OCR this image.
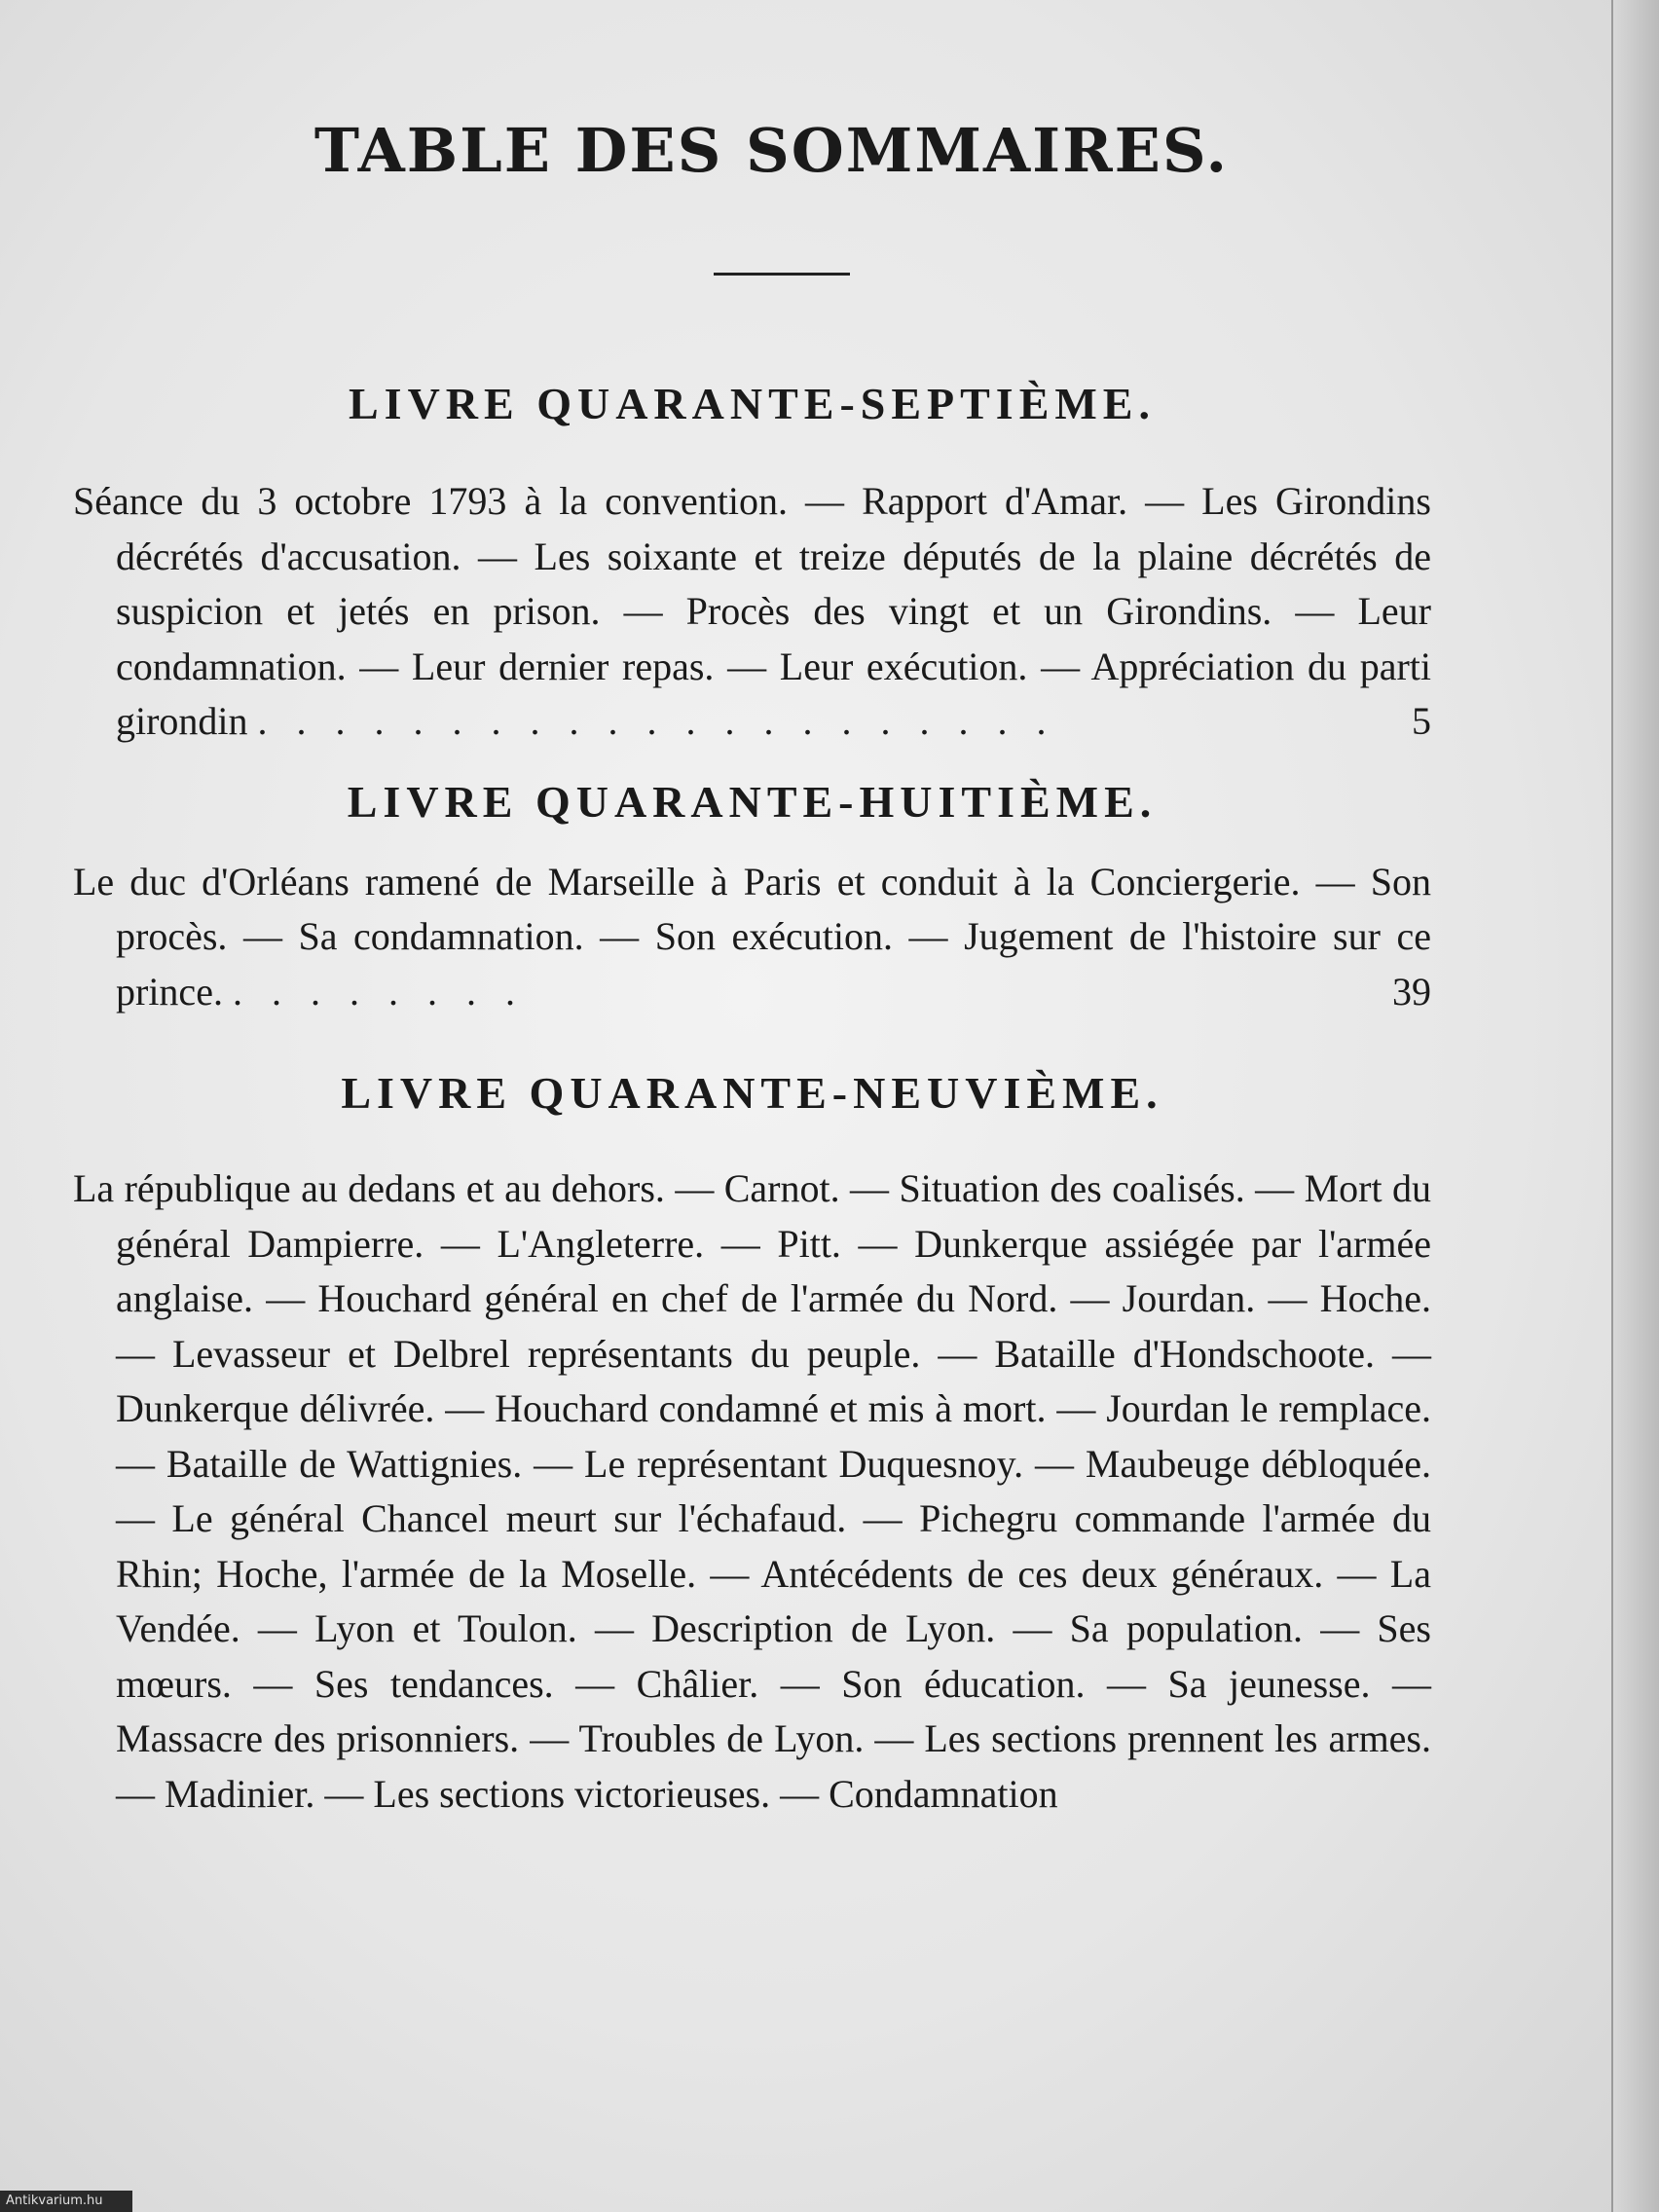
TABLE DES SOMMAIRES.
LIVRE QUARANTE-SEPTIÈME.

Séance du 3 octobre 1793 à la convention. — Rapport d'Amar. — Les Girondins décrétés d'accusation. — Les soixante et treize députés de la plaine décrétés de suspicion et jetés en prison. — Procès des vingt et un Girondins. — Leur condamnation. — Leur dernier repas. — Leur exécution. — Appréciation du parti girondin . . . . . . . . . . . . . . . . . . . . .	5

LIVRE QUARANTE-HUITIÈME.

Le duc d'Orléans ramené de Marseille à Paris et conduit à la Conciergerie. — Son procès. — Sa condamnation. — Son exécution. — Jugement de l'histoire sur ce prince. . . . . . . . .	39

LIVRE QUARANTE-NEUVIÈME.

La république au dedans et au dehors. — Carnot. — Situation des coalisés. — Mort du général Dampierre. — L'Angleterre. — Pitt. — Dunkerque assiégée par l'armée anglaise. — Houchard général en chef de l'armée du Nord. — Jourdan. — Hoche. — Levasseur et Delbrel représentants du peuple. — Bataille d'Hondschoote. — Dunkerque délivrée. — Houchard condamné et mis à mort. — Jourdan le remplace. — Bataille de Wattignies. — Le représentant Duquesnoy. — Maubeuge débloquée. — Le général Chancel meurt sur l'échafaud. — Pichegru commande l'armée du Rhin; Hoche, l'armée de la Moselle. — Antécédents de ces deux généraux. — La Vendée. — Lyon et Toulon. — Description de Lyon. — Sa population. — Ses mœurs. — Ses tendances. — Châlier. — Son éducation. — Sa jeunesse. — Massacre des prisonniers. — Troubles de Lyon. — Les sections prennent les armes. — Madinier. — Les sections victorieuses. — Condamnation

Antikvarium.hu
